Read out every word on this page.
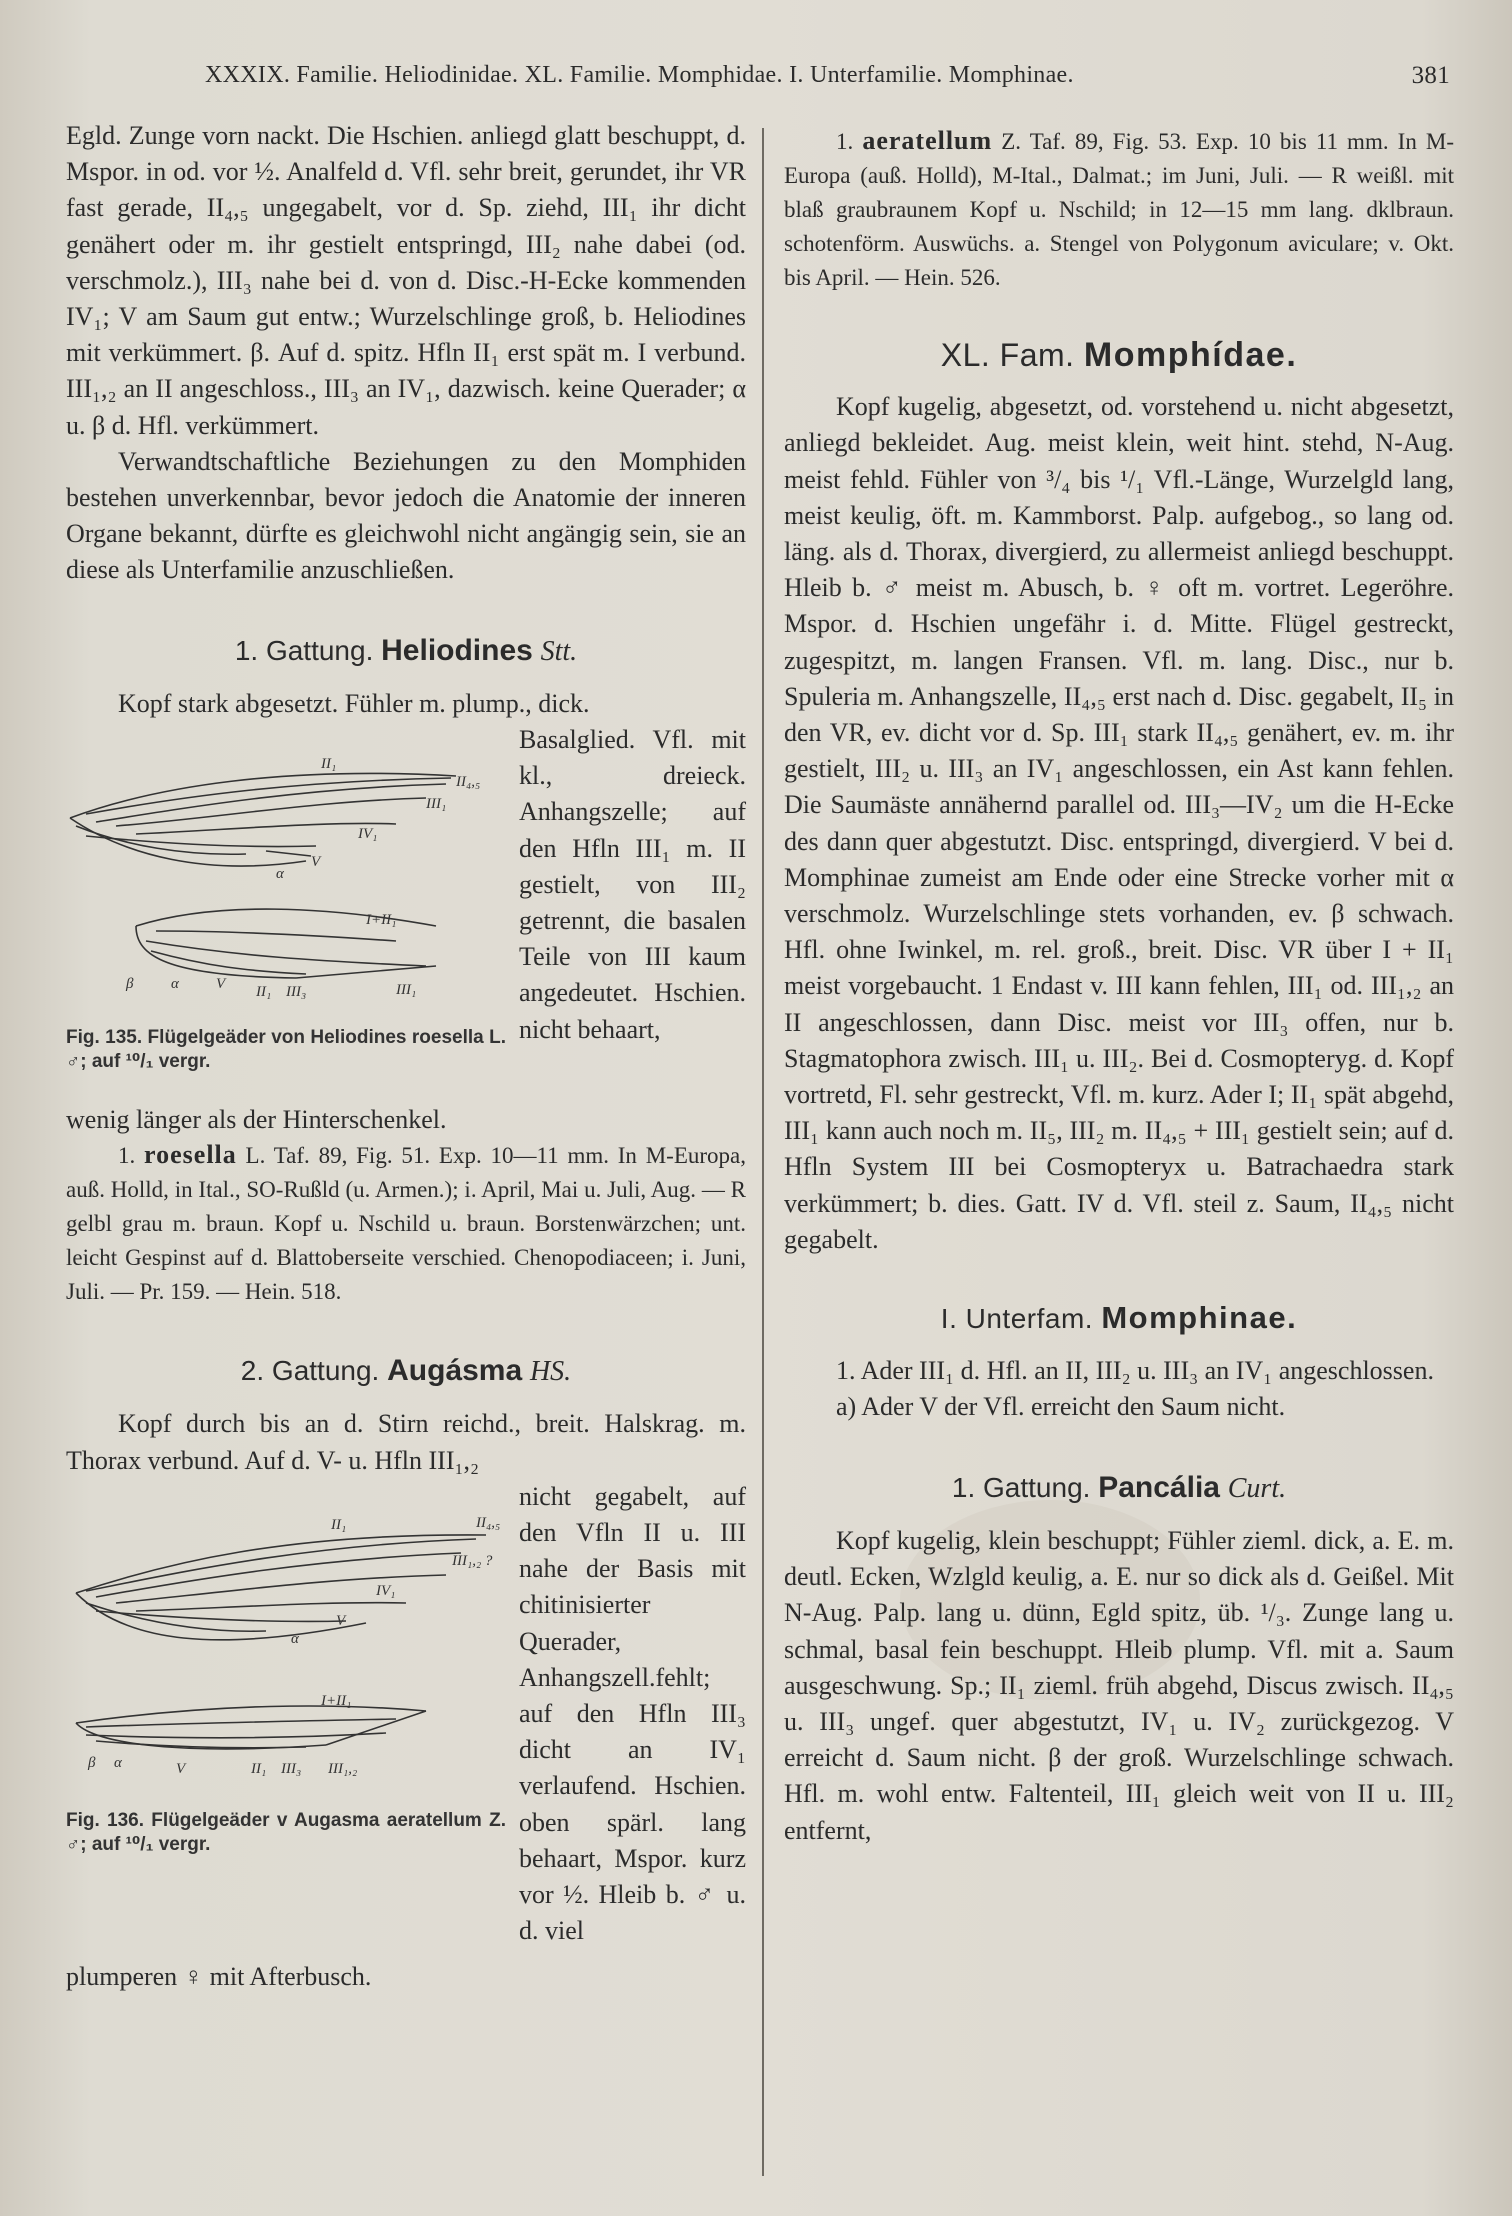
XXXIX. Familie. Heliodinidae. XL. Familie. Momphidae. I. Unterfamilie. Momphinae.	381

Egld. Zunge vorn nackt. Die Hschien. anliegd glatt beschuppt, d. Mspor. in od. vor ½. Analfeld d. Vfl. sehr breit, gerundet, ihr VR fast gerade, II₄,₅ ungegabelt, vor d. Sp. ziehd, III₁ ihr dicht genähert oder m. ihr gestielt entspringd, III₂ nahe dabei (od. verschmolz.), III₃ nahe bei d. von d. Disc.-H-Ecke kommenden IV₁; V am Saum gut entw.; Wurzelschlinge groß, b. Heliodines mit verkümmert. β. Auf d. spitz. Hfln II₁ erst spät m. I verbund. III₁,₂ an II angeschloss., III₃ an IV₁, dazwisch. keine Querader; α u. β d. Hfl. verkümmert.

Verwandtschaftliche Beziehungen zu den Momphiden bestehen unverkennbar, bevor jedoch die Anatomie der inneren Organe bekannt, dürfte es gleichwohl nicht angängig sein, sie an diese als Unterfamilie anzuschließen.

1. Gattung. Heliodines Stt.

Kopf stark abgesetzt. Fühler m. plump., dick.

II₁
II₄,₅
III₁
IV₁
V
α
I+II₁
β	α V II₁ III₃	III₁
Fig. 135. Flügelgeäder von Heliodines roesella L. ♂; auf ¹⁰/₁ vergr.
Basalglied. Vfl. mit kl., dreieck. Anhangszelle; auf den Hfln III₁ m. II gestielt, von III₂ getrennt, die basalen Teile von III kaum angedeutet. Hschien. nicht behaart,

wenig länger als der Hinterschenkel.

1. roesella L. Taf. 89, Fig. 51. Exp. 10—11 mm. In M-Europa, auß. Holld, in Ital., SO-Rußld (u. Armen.); i. April, Mai u. Juli, Aug. — R gelbl grau m. braun. Kopf u. Nschild u. braun. Borstenwärzchen; unt. leicht Gespinst auf d. Blattoberseite verschied. Chenopodiaceen; i. Juni, Juli. — Pr. 159. — Hein. 518.

2. Gattung. Augásma HS.

Kopf durch bis an d. Stirn reichd., breit. Halskrag. m. Thorax verbund. Auf d. V- u. Hfln III₁,₂

II₁	II₄,₅
III₁,₂ ?
IV₁
V
α
I+II₁
β α	V	II₁ III₃ III₁,₂
Fig. 136. Flügelgeäder v Augasma aeratellum Z. ♂; auf ¹⁰/₁ vergr.
nicht gegabelt, auf den Vfln II u. III nahe der Basis mit chitinisierter Querader, Anhangszell.fehlt; auf den Hfln III₃ dicht an IV₁ verlaufend. Hschien. oben spärl. lang behaart, Mspor. kurz vor ½. Hleib b. ♂ u. d. viel

plumperen ♀ mit Afterbusch.

1. aeratellum Z. Taf. 89, Fig. 53. Exp. 10 bis 11 mm. In M-Europa (auß. Holld), M-Ital., Dalmat.; im Juni, Juli. — R weißl. mit blaß graubraunem Kopf u. Nschild; in 12—15 mm lang. dklbraun. schotenförm. Auswüchs. a. Stengel von Polygonum aviculare; v. Okt. bis April. — Hein. 526.

XL. Fam. Momphídae.

Kopf kugelig, abgesetzt, od. vorstehend u. nicht abgesetzt, anliegd bekleidet. Aug. meist klein, weit hint. stehd, N-Aug. meist fehld. Fühler von ³/₄ bis ¹/₁ Vfl.-Länge, Wurzelgld lang, meist keulig, öft. m. Kammborst. Palp. aufgebog., so lang od. läng. als d. Thorax, divergierd, zu allermeist anliegd beschuppt. Hleib b. ♂ meist m. Abusch, b. ♀ oft m. vortret. Legeröhre. Mspor. d. Hschien ungefähr i. d. Mitte. Flügel gestreckt, zugespitzt, m. langen Fransen. Vfl. m. lang. Disc., nur b. Spuleria m. Anhangszelle, II₄,₅ erst nach d. Disc. gegabelt, II₅ in den VR, ev. dicht vor d. Sp. III₁ stark II₄,₅ genähert, ev. m. ihr gestielt, III₂ u. III₃ an IV₁ angeschlossen, ein Ast kann fehlen. Die Saumäste annähernd parallel od. III₃—IV₂ um die H-Ecke des dann quer abgestutzt. Disc. entspringd, divergierd. V bei d. Momphinae zumeist am Ende oder eine Strecke vorher mit α verschmolz. Wurzelschlinge stets vorhanden, ev. β schwach. Hfl. ohne Iwinkel, m. rel. groß., breit. Disc. VR über I + II₁ meist vorgebaucht. 1 Endast v. III kann fehlen, III₁ od. III₁,₂ an II angeschlossen, dann Disc. meist vor III₃ offen, nur b. Stagmatophora zwisch. III₁ u. III₂. Bei d. Cosmopteryg. d. Kopf vortretd, Fl. sehr gestreckt, Vfl. m. kurz. Ader I; II₁ spät abgehd, III₁ kann auch noch m. II₅, III₂ m. II₄,₅ + III₁ gestielt sein; auf d. Hfln System III bei Cosmopteryx u. Batrachaedra stark verkümmert; b. dies. Gatt. IV d. Vfl. steil z. Saum, II₄,₅ nicht gegabelt.

I. Unterfam. Momphinae.

1. Ader III₁ d. Hfl. an II, III₂ u. III₃ an IV₁ angeschlossen.

a) Ader V der Vfl. erreicht den Saum nicht.

1. Gattung. Pancália Curt.

Kopf kugelig, klein beschuppt; Fühler zieml. dick, a. E. m. deutl. Ecken, Wzlgld keulig, a. E. nur so dick als d. Geißel. Mit N-Aug. Palp. lang u. dünn, Egld spitz, üb. ¹/₃. Zunge lang u. schmal, basal fein beschuppt. Hleib plump. Vfl. mit a. Saum ausgeschwung. Sp.; II₁ zieml. früh abgehd, Discus zwisch. II₄,₅ u. III₃ ungef. quer abgestutzt, IV₁ u. IV₂ zurückgezog. V erreicht d. Saum nicht. β der groß. Wurzelschlinge schwach. Hfl. m. wohl entw. Faltenteil, III₁ gleich weit von II u. III₂ entfernt,
